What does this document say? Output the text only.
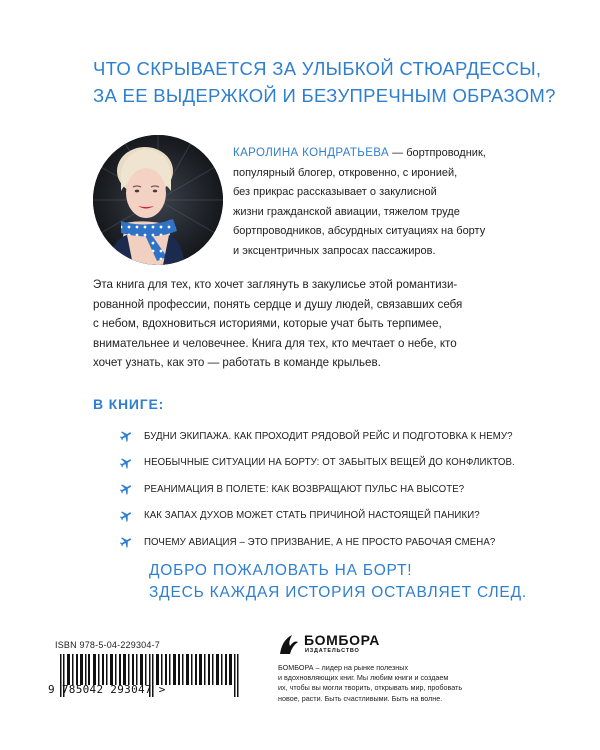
ЧТО СКРЫВАЕТСЯ ЗА УЛЫБКОЙ СТЮАРДЕССЫ,
ЗА ЕЕ ВЫДЕРЖКОЙ И БЕЗУПРЕЧНЫМ ОБРАЗОМ?
КАРОЛИНА КОНДРАТЬЕВА — бортпроводник,
популярный блогер, откровенно, с иронией,
без прикрас рассказывает о закулисной
жизни гражданской авиации, тяжелом труде
бортпроводников, абсурдных ситуациях на борту
и эксцентричных запросах пассажиров.
Эта книга для тех, кто хочет заглянуть в закулисье этой романтизи-
рованной профессии, понять сердце и душу людей, связавших себя
с небом, вдохновиться историями, которые учат быть терпимее,
внимательнее и человечнее. Книга для тех, кто мечтает о небе, кто
хочет узнать, как это — работать в команде крыльев.
В КНИГЕ:
БУДНИ ЭКИПАЖА. КАК ПРОХОДИТ РЯДОВОЙ РЕЙС И ПОДГОТОВКА К НЕМУ?
НЕОБЫЧНЫЕ СИТУАЦИИ НА БОРТУ: ОТ ЗАБЫТЫХ ВЕЩЕЙ ДО КОНФЛИКТОВ.
РЕАНИМАЦИЯ В ПОЛЕТЕ: КАК ВОЗВРАЩАЮТ ПУЛЬС НА ВЫСОТЕ?
КАК ЗАПАХ ДУХОВ МОЖЕТ СТАТЬ ПРИЧИНОЙ НАСТОЯЩЕЙ ПАНИКИ?
ПОЧЕМУ АВИАЦИЯ – ЭТО ПРИЗВАНИЕ, А НЕ ПРОСТО РАБОЧАЯ СМЕНА?
ДОБРО ПОЖАЛОВАТЬ НА БОРТ!
ЗДЕСЬ КАЖДАЯ ИСТОРИЯ ОСТАВЛЯЕТ СЛЕД.
ISBN 978-5-04-229304-7
9 785042 293047 >
БОМБОРА
ИЗДАТЕЛЬСТВО
БОМБОРА – лидер на рынке полезных
и вдохновляющих книг. Мы любим книги и создаем
их, чтобы вы могли творить, открывать мир, пробовать
новое, расти. Быть счастливыми. Быть на волне.
